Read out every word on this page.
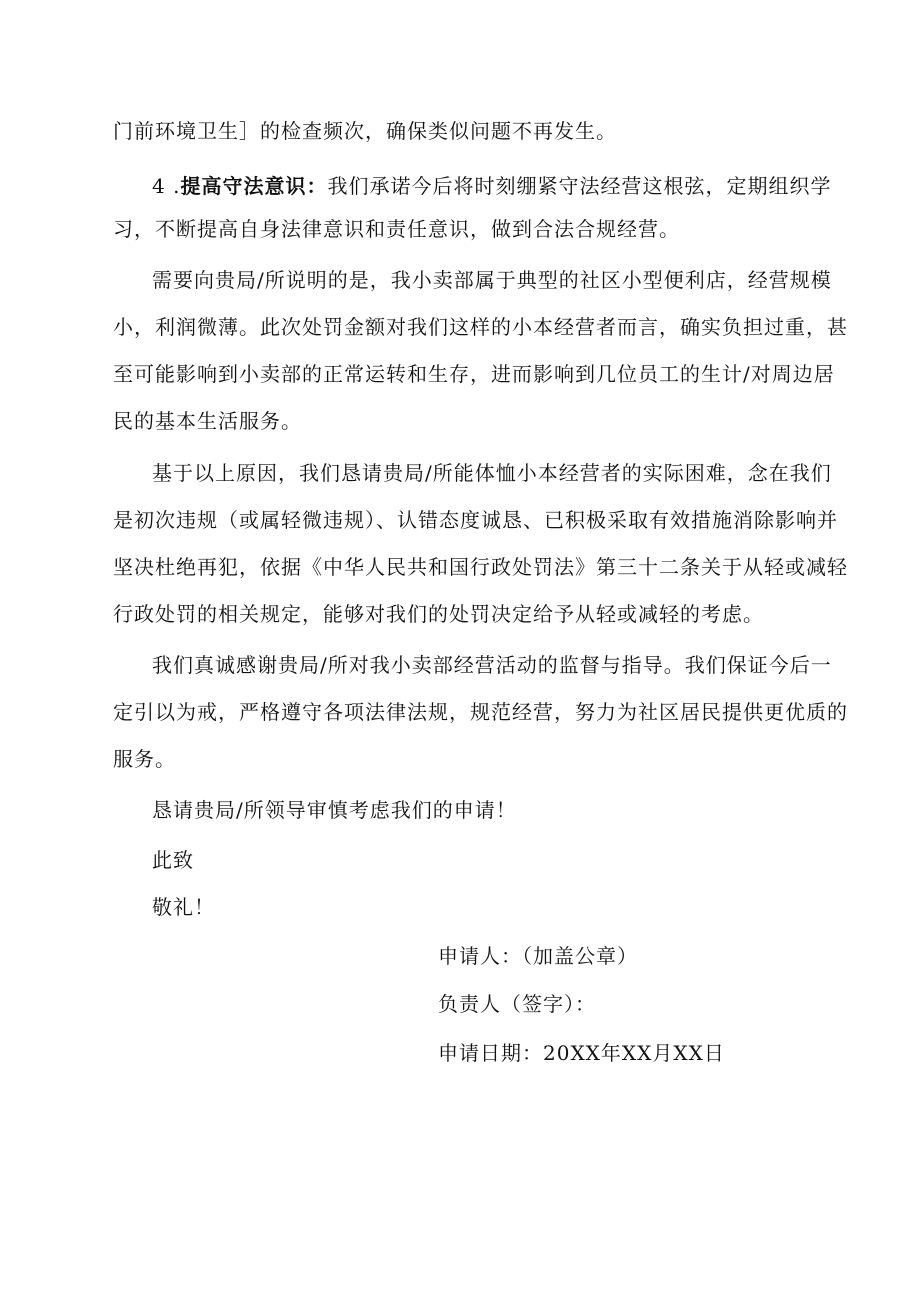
门前环境卫生］的检查频次，确保类似问题不再发生。
4 .提高守法意识：我们承诺今后将时刻绷紧守法经营这根弦，定期组织学
习，不断提高自身法律意识和责任意识，做到合法合规经营。
需要向贵局/所说明的是，我小卖部属于典型的社区小型便利店，经营规模
小，利润微薄。此次处罚金额对我们这样的小本经营者而言，确实负担过重，甚
至可能影响到小卖部的正常运转和生存，进而影响到几位员工的生计/对周边居
民的基本生活服务。
基于以上原因，我们恳请贵局/所能体恤小本经营者的实际困难，念在我们
是初次违规（或属轻微违规）、认错态度诚恳、已积极采取有效措施消除影响并
坚决杜绝再犯，依据《中华人民共和国行政处罚法》第三十二条关于从轻或减轻
行政处罚的相关规定，能够对我们的处罚决定给予从轻或减轻的考虑。
我们真诚感谢贵局/所对我小卖部经营活动的监督与指导。我们保证今后一
定引以为戒，严格遵守各项法律法规，规范经营，努力为社区居民提供更优质的
服务。
恳请贵局/所领导审慎考虑我们的申请！
此致
敬礼！
申请人：（加盖公章）
负责人（签字）：
申请日期：20XX年XX月XX日
